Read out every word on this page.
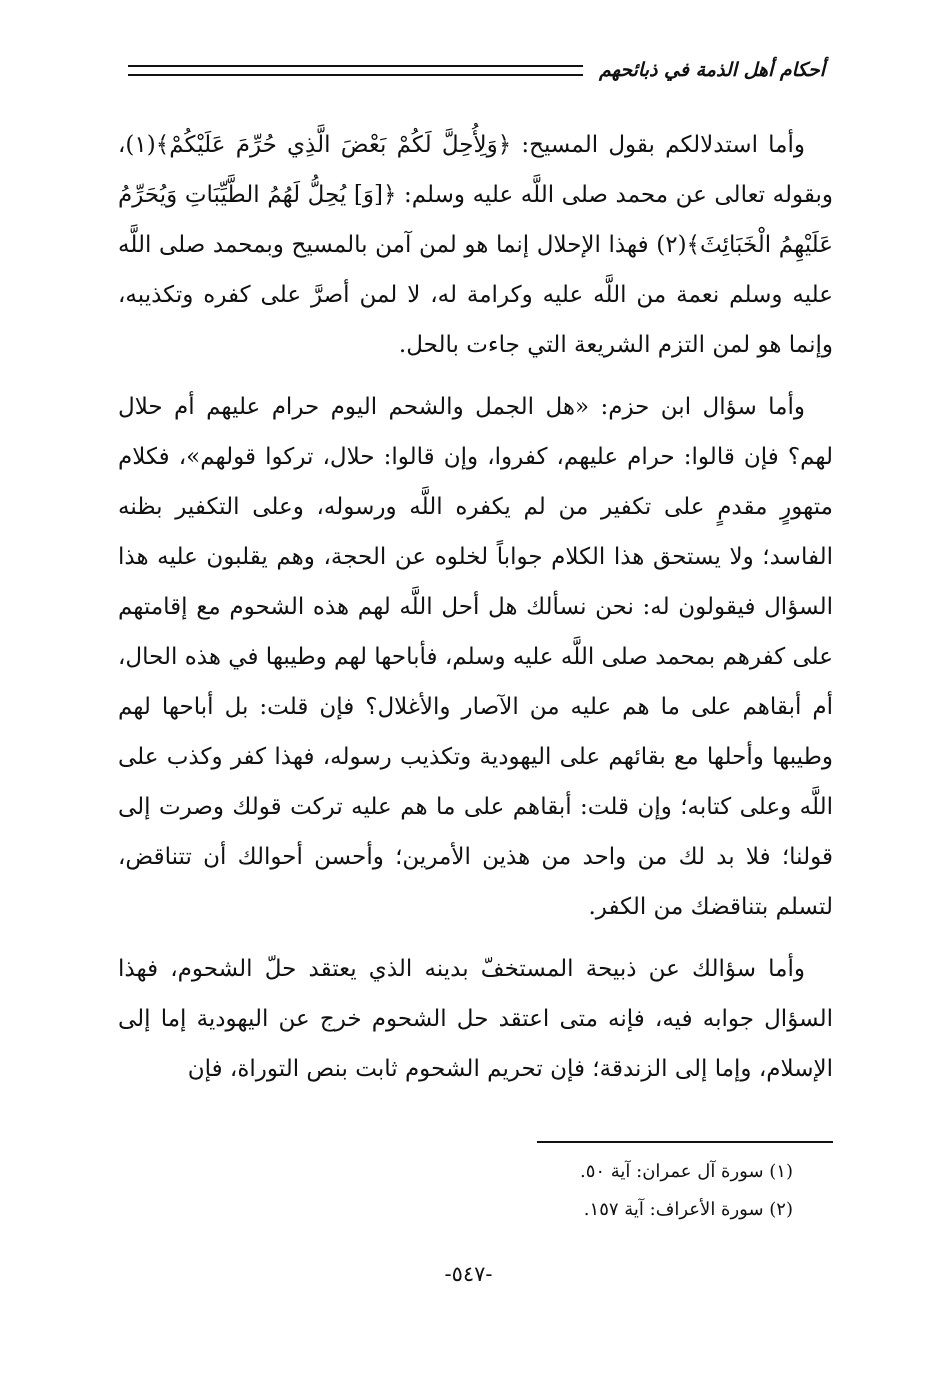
أحكام أهل الذمة في ذبائحهم

وأما استدلالكم بقول المسيح: ﴿وَلِأُحِلَّ لَكُمْ بَعْضَ الَّذِي حُرِّمَ عَلَيْكُمْ﴾(١)، وبقوله تعالى عن محمد صلى اللَّه عليه وسلم: ﴿[وَ] يُحِلُّ لَهُمُ الطَّيِّبَاتِ وَيُحَرِّمُ عَلَيْهِمُ الْخَبَائِثَ﴾(٢) فهذا الإحلال إنما هو لمن آمن بالمسيح وبمحمد صلى اللَّه عليه وسلم نعمة من اللَّه عليه وكرامة له، لا لمن أصرَّ على كفره وتكذيبه، وإنما هو لمن التزم الشريعة التي جاءت بالحل.

وأما سؤال ابن حزم: «هل الجمل والشحم اليوم حرام عليهم أم حلال لهم؟ فإن قالوا: حرام عليهم، كفروا، وإن قالوا: حلال، تركوا قولهم»، فكلام متهورٍ مقدمٍ على تكفير من لم يكفره اللَّه ورسوله، وعلى التكفير بظنه الفاسد؛ ولا يستحق هذا الكلام جواباً لخلوه عن الحجة، وهم يقلبون عليه هذا السؤال فيقولون له: نحن نسألك هل أحل اللَّه لهم هذه الشحوم مع إقامتهم على كفرهم بمحمد صلى اللَّه عليه وسلم، فأباحها لهم وطيبها في هذه الحال، أم أبقاهم على ما هم عليه من الآصار والأغلال؟ فإن قلت: بل أباحها لهم وطيبها وأحلها مع بقائهم على اليهودية وتكذيب رسوله، فهذا كفر وكذب على اللَّه وعلى كتابه؛ وإن قلت: أبقاهم على ما هم عليه تركت قولك وصرت إلى قولنا؛ فلا بد لك من واحد من هذين الأمرين؛ وأحسن أحوالك أن تتناقض، لتسلم بتناقضك من الكفر.

وأما سؤالك عن ذبيحة المستخفّ بدينه الذي يعتقد حلّ الشحوم، فهذا السؤال جوابه فيه، فإنه متى اعتقد حل الشحوم خرج عن اليهودية إما إلى الإسلام، وإما إلى الزندقة؛ فإن تحريم الشحوم ثابت بنص التوراة، فإن

(١) سورة آل عمران: آية ٥٠.
(٢) سورة الأعراف: آية ١٥٧.
-٥٤٧-
